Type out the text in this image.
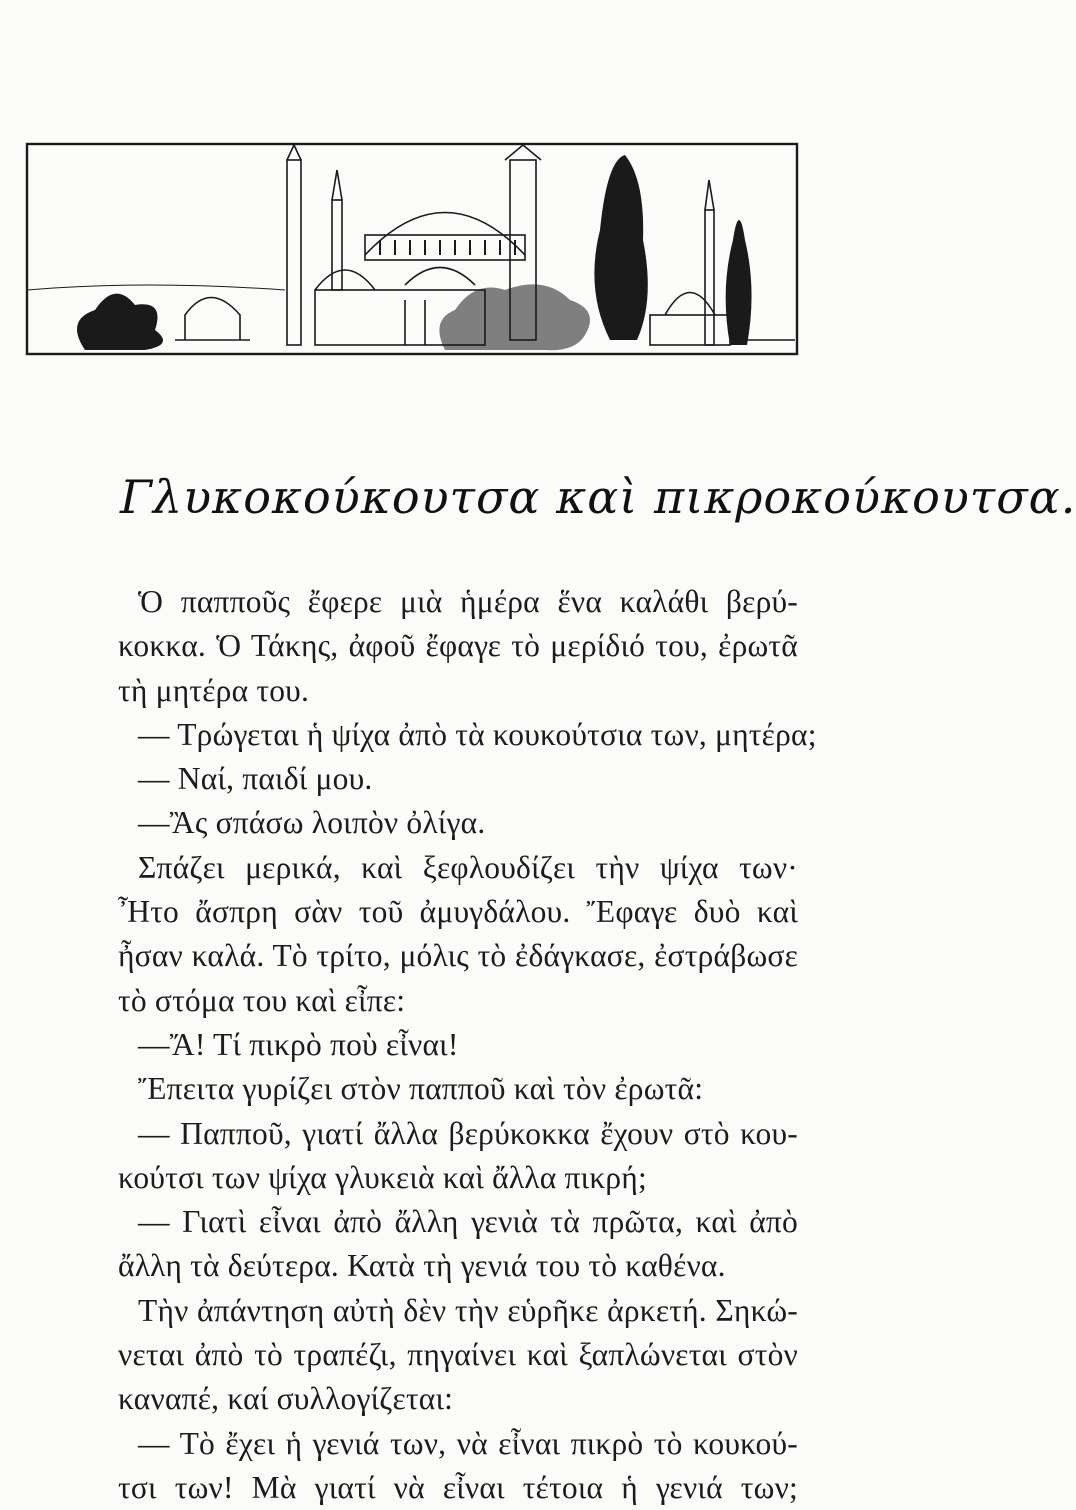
Γλυκοκούκουτσα καὶ πικροκούκουτσα.
Ὁ παπποῦς ἔφερε μιὰ ἡμέρα ἕνα καλάθι βερύ-
κοκκα. Ὁ Τάκης, ἀφοῦ ἔφαγε τὸ μερίδιό του, ἐρωτᾶ
τὴ μητέρα του.
— Τρώγεται ἡ ψίχα ἀπὸ τὰ κουκούτσια των, μητέρα;
— Ναί, παιδί μου.
—Ἂς σπάσω λοιπὸν ὀλίγα.
Σπάζει μερικά, καὶ ξεφλουδίζει τὴν ψίχα των·
Ἦτο ἄσπρη σὰν τοῦ ἀμυγδάλου. Ἔφαγε δυὸ καὶ
ἦσαν καλά. Τὸ τρίτο, μόλις τὸ ἐδάγκασε, ἐστράβωσε
τὸ στόμα του καὶ εἶπε:
—Ἄ! Τί πικρὸ ποὺ εἶναι!
Ἔπειτα γυρίζει στὸν παπποῦ καὶ τὸν ἐρωτᾶ:
— Παπποῦ, γιατί ἄλλα βερύκοκκα ἔχουν στὸ κου-
κούτσι των ψίχα γλυκειὰ καὶ ἄλλα πικρή;
— Γιατὶ εἶναι ἀπὸ ἄλλη γενιὰ τὰ πρῶτα, καὶ ἀπὸ
ἄλλη τὰ δεύτερα. Κατὰ τὴ γενιά του τὸ καθένα.
Τὴν ἀπάντηση αὐτὴ δὲν τὴν εὑρῆκε ἀρκετή. Σηκώ-
νεται ἀπὸ τὸ τραπέζι, πηγαίνει καὶ ξαπλώνεται στὸν
καναπέ, καί συλλογίζεται:
— Τὸ ἔχει ἡ γενιά των, νὰ εἶναι πικρὸ τὸ κουκού-
τσι των! Μὰ γιατί νὰ εἶναι τέτοια ἡ γενιά των;
